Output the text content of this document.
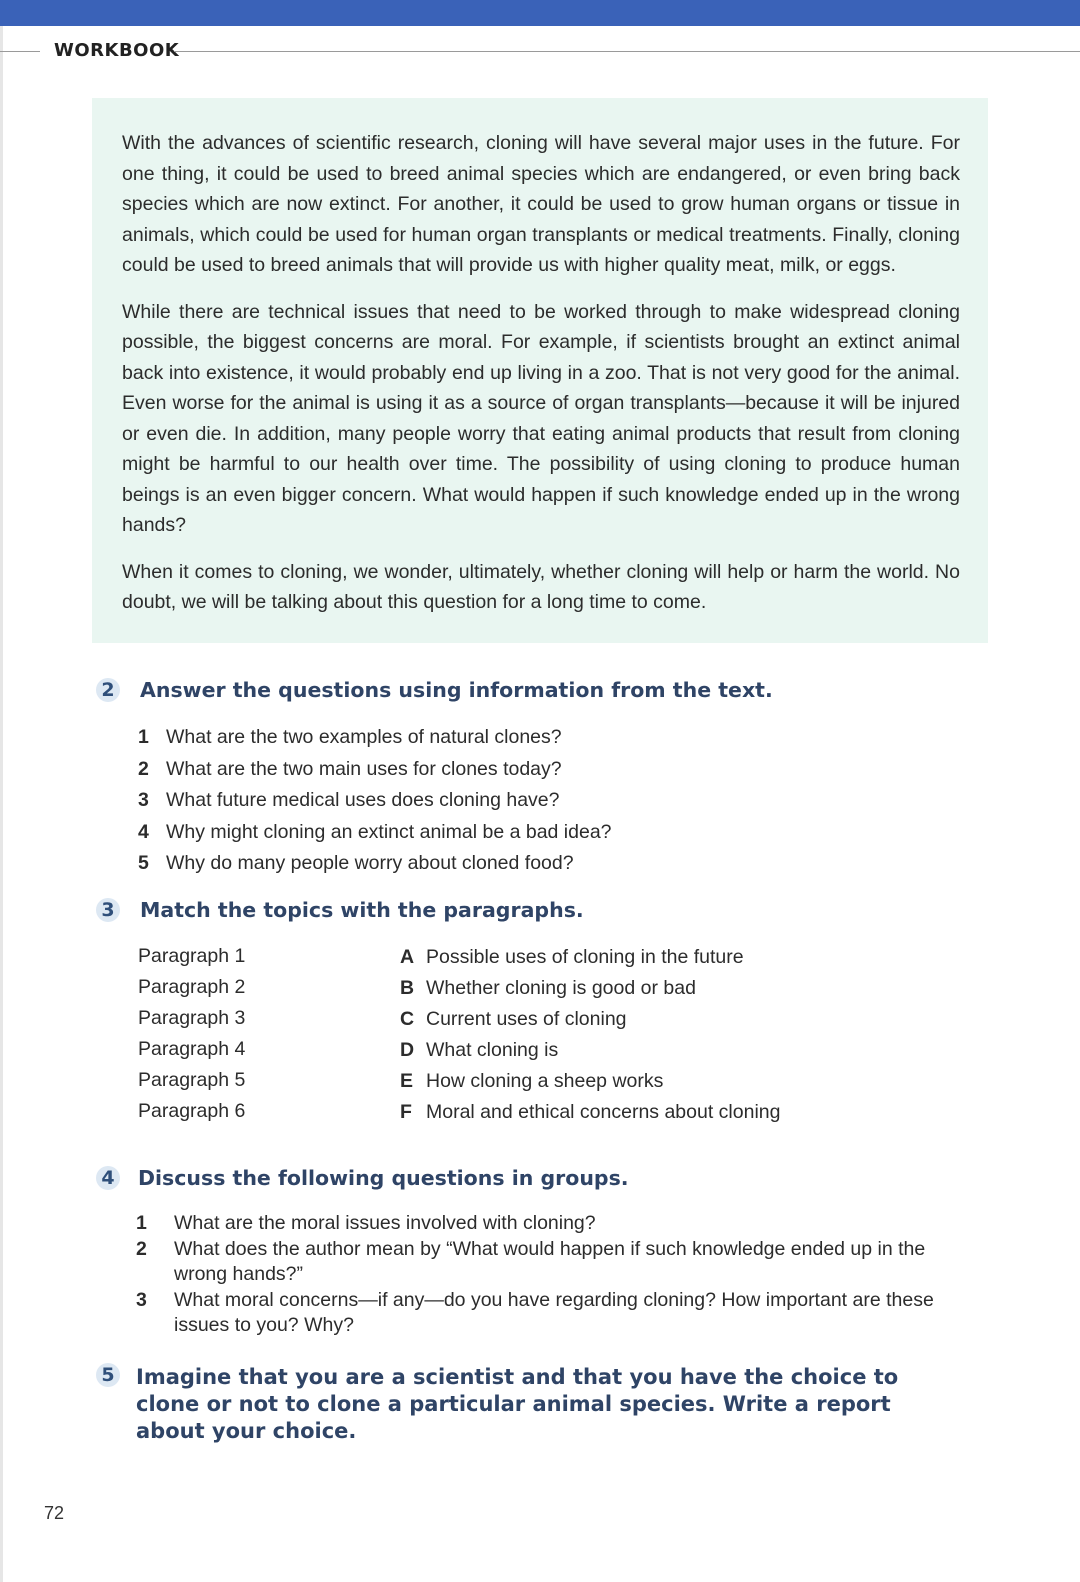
WORKBOOK

With the advances of scientific research, cloning will have several major uses in the future. For one thing, it could be used to breed animal species which are endangered, or even bring back species which are now extinct. For another, it could be used to grow human organs or tissue in animals, which could be used for human organ transplants or medical treatments. Finally, cloning could be used to breed animals that will provide us with higher quality meat, milk, or eggs.

While there are technical issues that need to be worked through to make widespread cloning possible, the biggest concerns are moral. For example, if scientists brought an extinct animal back into existence, it would probably end up living in a zoo. That is not very good for the animal. Even worse for the animal is using it as a source of organ transplants—because it will be injured or even die. In addition, many people worry that eating animal products that result from cloning might be harmful to our health over time. The possibility of using cloning to produce human beings is an even bigger concern. What would happen if such knowledge ended up in the wrong hands?

When it comes to cloning, we wonder, ultimately, whether cloning will help or harm the world. No doubt, we will be talking about this question for a long time to come.

2 Answer the questions using information from the text.
1 What are the two examples of natural clones?
2 What are the two main uses for clones today?
3 What future medical uses does cloning have?
4 Why might cloning an extinct animal be a bad idea?
5 Why do many people worry about cloned food?
3 Match the topics with the paragraphs.
Paragraph 1
Paragraph 2
Paragraph 3
Paragraph 4
Paragraph 5
Paragraph 6
A Possible uses of cloning in the future
B Whether cloning is good or bad
C Current uses of cloning
D What cloning is
E How cloning a sheep works
F Moral and ethical concerns about cloning
4 Discuss the following questions in groups.
1 What are the moral issues involved with cloning?
2 What does the author mean by “What would happen if such knowledge ended up in the wrong hands?”
3 What moral concerns—if any—do you have regarding cloning? How important are these issues to you? Why?
5 Imagine that you are a scientist and that you have the choice to clone or not to clone a particular animal species. Write a report about your choice.
72
